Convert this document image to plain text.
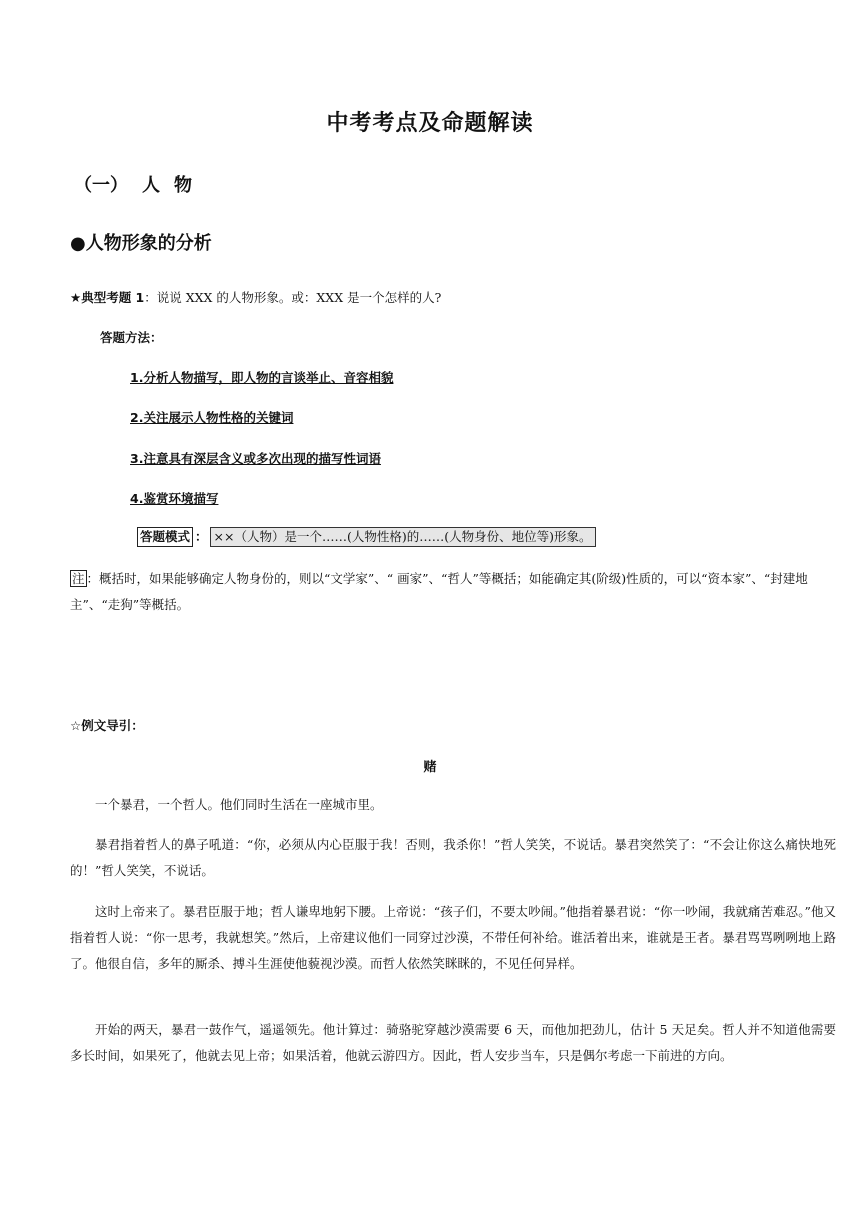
中考考点及命题解读
（一） 人 物
●人物形象的分析
★典型考题 1：说说 XXX 的人物形象。或：XXX 是一个怎样的人?
答题方法：
1.分析人物描写，即人物的言谈举止、音容相貌
2.关注展示人物性格的关键词
3.注意具有深层含义或多次出现的描写性词语
4.鉴赏环境描写
答题模式 ： ××（人物）是一个……(人物性格)的……(人物身份、地位等)形象。
注 ：概括时，如果能够确定人物身份的，则以“文学家”、“ 画家”、“哲人”等概括；如能确定其(阶级)性质的，可以“资本家”、“封建地主”、“走狗”等概括。
☆例文导引：
赌
一个暴君，一个哲人。他们同时生活在一座城市里。
暴君指着哲人的鼻子吼道：“你，必须从内心臣服于我！否则，我杀你！”哲人笑笑，不说话。暴君突然笑了：“不会让你这么痛快地死的！”哲人笑笑，不说话。
这时上帝来了。暴君臣服于地；哲人谦卑地躬下腰。上帝说：“孩子们，不要太吵闹。”他指着暴君说：“你一吵闹，我就痛苦难忍。”他又指着哲人说：“你一思考，我就想笑。”然后，上帝建议他们一同穿过沙漠，不带任何补给。谁活着出来，谁就是王者。暴君骂骂咧咧地上路了。他很自信，多年的厮杀、搏斗生涯使他藐视沙漠。而哲人依然笑眯眯的，不见任何异样。
开始的两天，暴君一鼓作气，遥遥领先。他计算过：骑骆驼穿越沙漠需要 6 天，而他加把劲儿，估计 5 天足矣。哲人并不知道他需要多长时间，如果死了，他就去见上帝；如果活着，他就云游四方。因此，哲人安步当车，只是偶尔考虑一下前进的方向。
